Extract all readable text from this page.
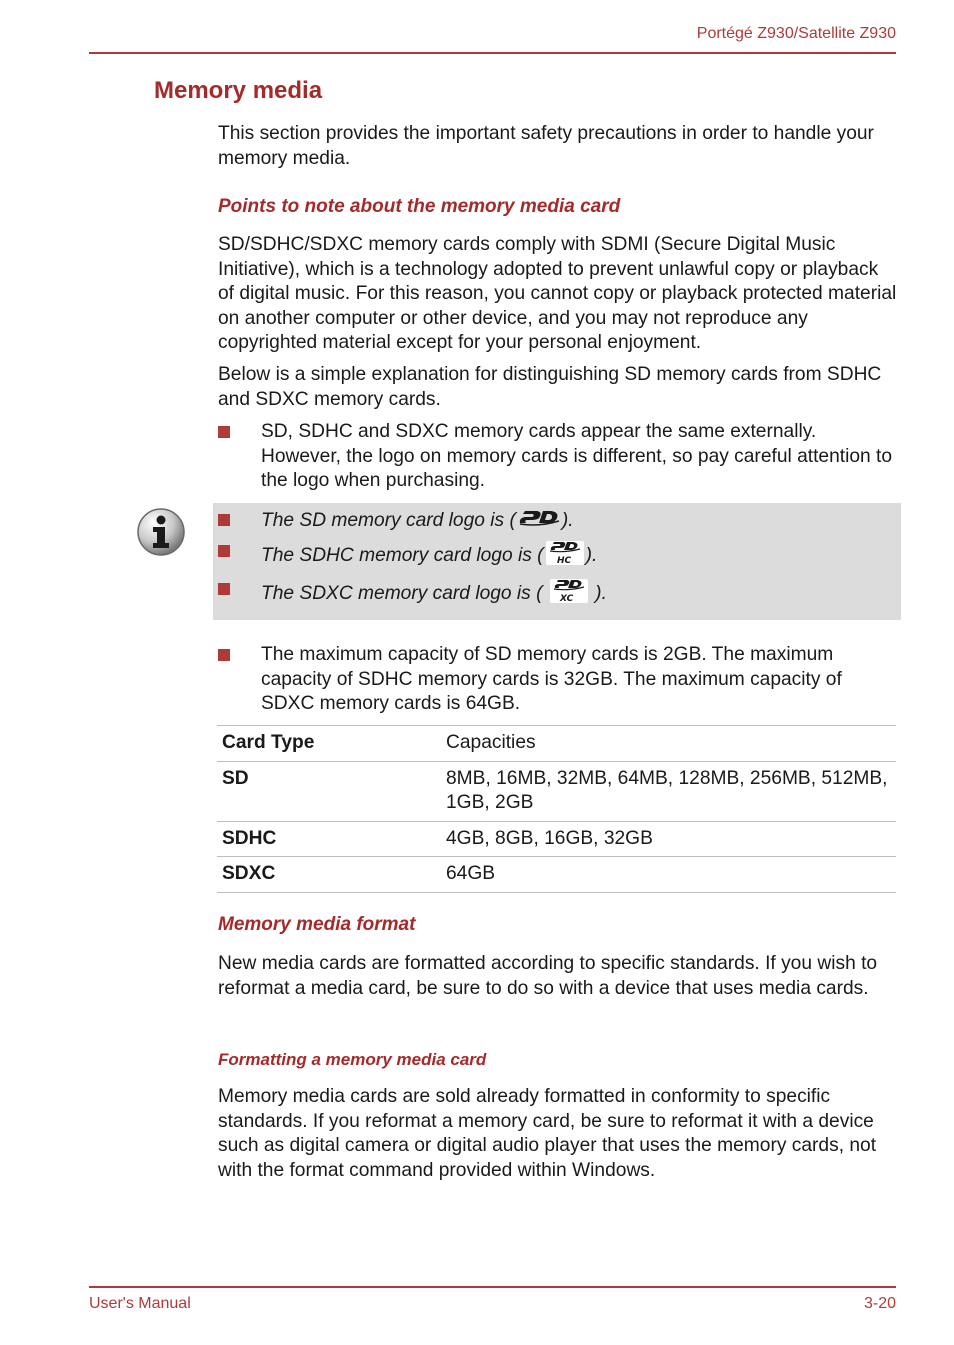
Portégé Z930/Satellite Z930
Memory media
This section provides the important safety precautions in order to handle your memory media.
Points to note about the memory media card
SD/SDHC/SDXC memory cards comply with SDMI (Secure Digital Music Initiative), which is a technology adopted to prevent unlawful copy or playback of digital music. For this reason, you cannot copy or playback protected material on another computer or other device, and you may not reproduce any copyrighted material except for your personal enjoyment.
Below is a simple explanation for distinguishing SD memory cards from SDHC and SDXC memory cards.
SD, SDHC and SDXC memory cards appear the same externally. However, the logo on memory cards is different, so pay careful attention to the logo when purchasing.
The SD memory card logo is ( ).
The SDHC memory card logo is ( HC ).
The SDXC memory card logo is ( XC ).
The maximum capacity of SD memory cards is 2GB. The maximum capacity of SDHC memory cards is 32GB. The maximum capacity of SDXC memory cards is 64GB.
Card Type	Capacities
SD	8MB, 16MB, 32MB, 64MB, 128MB, 256MB, 512MB, 1GB, 2GB
SDHC	4GB, 8GB, 16GB, 32GB
SDXC	64GB
Memory media format
New media cards are formatted according to specific standards. If you wish to reformat a media card, be sure to do so with a device that uses media cards.
Formatting a memory media card
Memory media cards are sold already formatted in conformity to specific standards. If you reformat a memory card, be sure to reformat it with a device such as digital camera or digital audio player that uses the memory cards, not with the format command provided within Windows.
User's Manual	3-20
